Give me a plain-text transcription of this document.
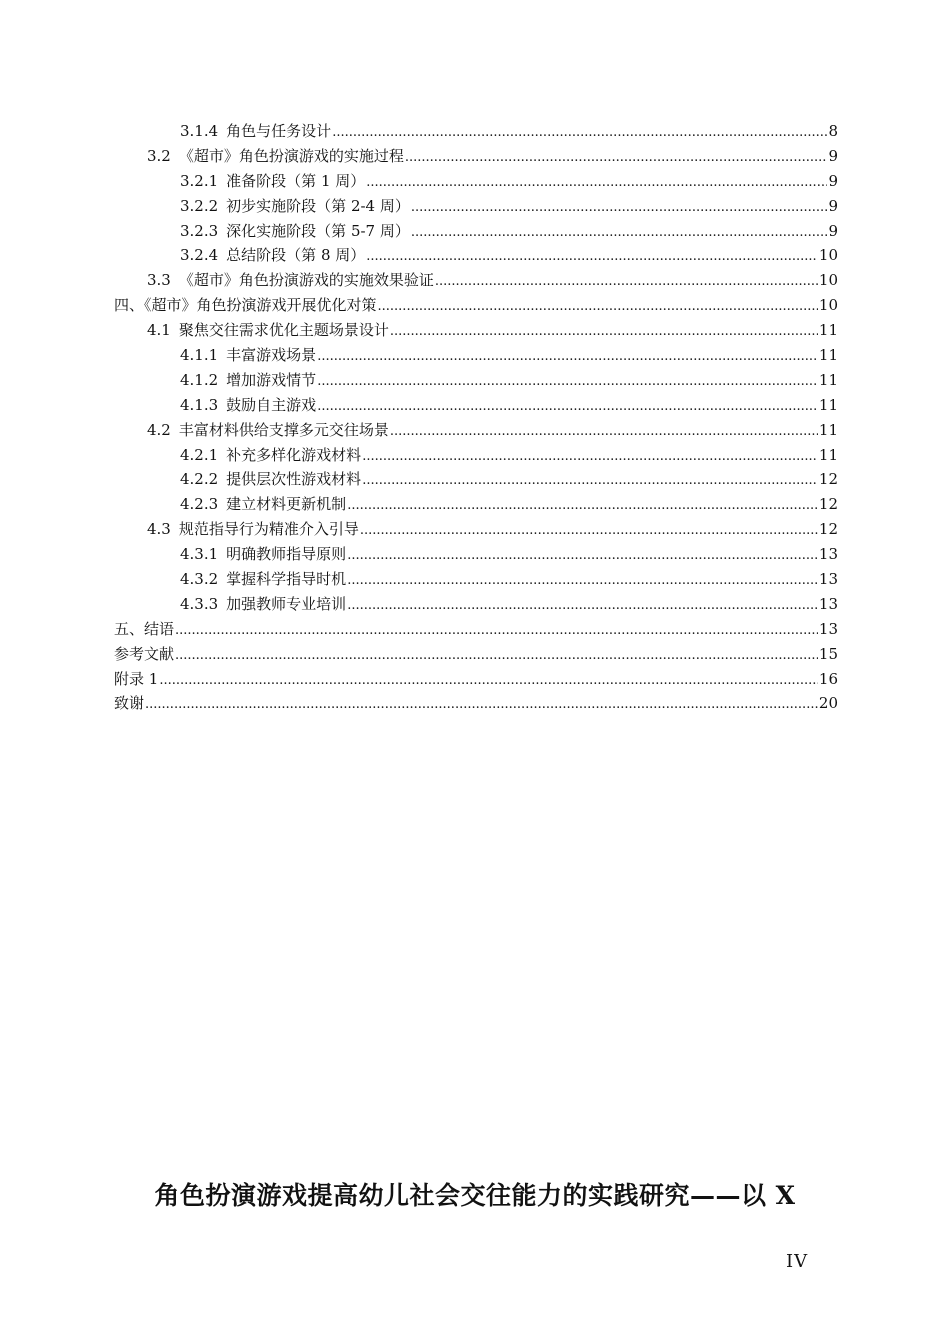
3.1.4 角色与任务设计 .....	8
3.2 《超市》角色扮演游戏的实施过程 .....	9
3.2.1 准备阶段（第 1 周） .....	9
3.2.2 初步实施阶段（第 2-4 周） .....	9
3.2.3 深化实施阶段（第 5-7 周） .....	9
3.2.4 总结阶段（第 8 周） .....	10
3.3 《超市》角色扮演游戏的实施效果验证 .....	10
四、《超市》角色扮演游戏开展优化对策 .....	10
4.1 聚焦交往需求优化主题场景设计 .....	11
4.1.1 丰富游戏场景 .....	11
4.1.2 增加游戏情节 .....	11
4.1.3 鼓励自主游戏 .....	11
4.2 丰富材料供给支撑多元交往场景 .....	11
4.2.1 补充多样化游戏材料 .....	11
4.2.2 提供层次性游戏材料 .....	12
4.2.3 建立材料更新机制 .....	12
4.3 规范指导行为精准介入引导 .....	12
4.3.1 明确教师指导原则 .....	13
4.3.2 掌握科学指导时机 .....	13
4.3.3 加强教师专业培训 .....	13
五、结语 .....	13
参考文献 .....	15
附录 1 .....	16
致谢 .....	20
角色扮演游戏提高幼儿社会交往能力的实践研究——以 X
IV
